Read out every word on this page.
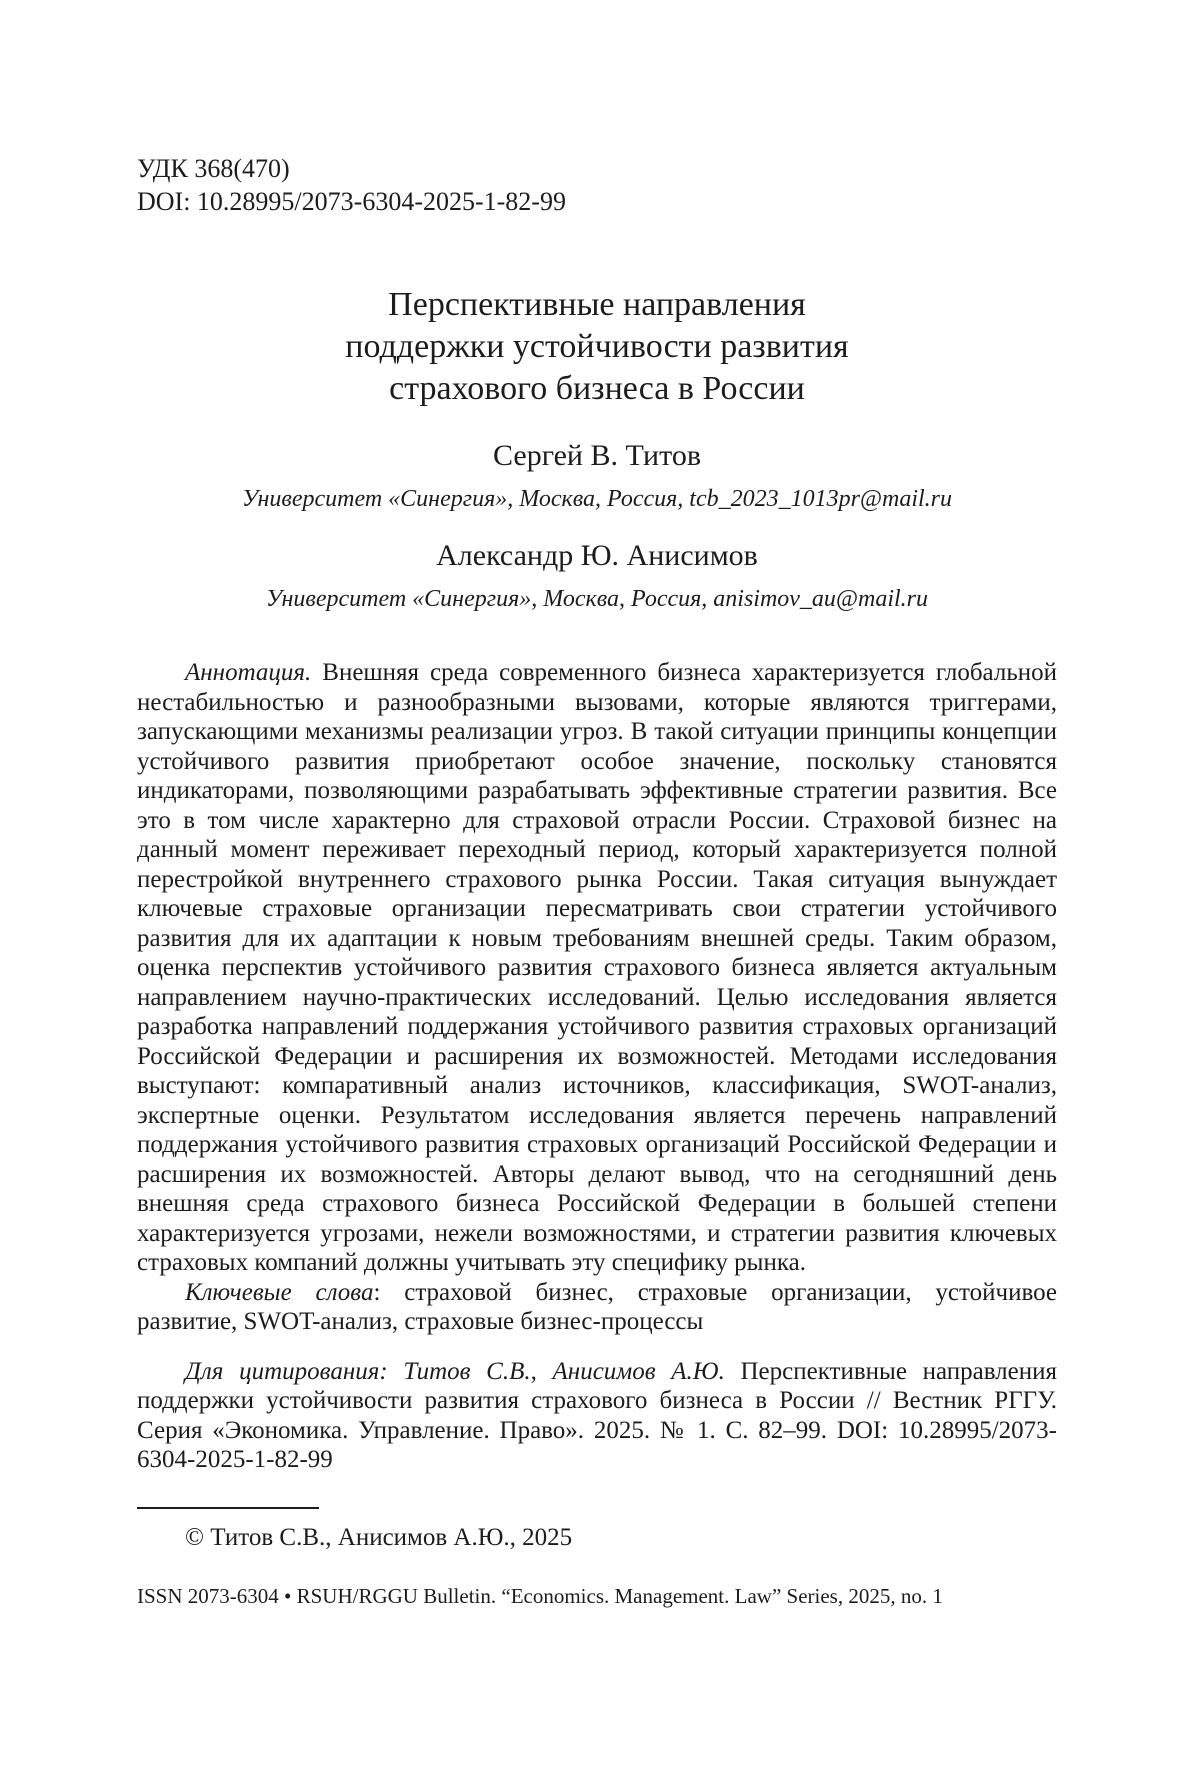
УДК 368(470)
DOI: 10.28995/2073-6304-2025-1-82-99
Перспективные направления
поддержки устойчивости развития
страхового бизнеса в России
Сергей В. Титов
Университет «Синергия», Москва, Россия, tcb_2023_1013pr@mail.ru
Александр Ю. Анисимов
Университет «Синергия», Москва, Россия, anisimov_au@mail.ru
Аннотация. Внешняя среда современного бизнеса характеризуется глобальной нестабильностью и разнообразными вызовами, которые являются триггерами, запускающими механизмы реализации угроз. В такой ситуации принципы концепции устойчивого развития приобретают особое значение, поскольку становятся индикаторами, позволяющими разрабатывать эффективные стратегии развития. Все это в том числе характерно для страховой отрасли России. Страховой бизнес на данный момент переживает переходный период, который характеризуется полной перестройкой внутреннего страхового рынка России. Такая ситуация вынуждает ключевые страховые организации пересматривать свои стратегии устойчивого развития для их адаптации к новым требованиям внешней среды. Таким образом, оценка перспектив устойчивого развития страхового бизнеса является актуальным направлением научно-практических исследований. Целью исследования является разработка направлений поддержания устойчивого развития страховых организаций Российской Федерации и расширения их возможностей. Методами исследования выступают: компаративный анализ источников, классификация, SWOT-анализ, экспертные оценки. Результатом исследования является перечень направлений поддержания устойчивого развития страховых организаций Российской Федерации и расширения их возможностей. Авторы делают вывод, что на сегодняшний день внешняя среда страхового бизнеса Российской Федерации в большей степени характеризуется угрозами, нежели возможностями, и стратегии развития ключевых страховых компаний должны учитывать эту специфику рынка.
Ключевые слова: страховой бизнес, страховые организации, устойчивое развитие, SWOT-анализ, страховые бизнес-процессы
Для цитирования: Титов С.В., Анисимов А.Ю. Перспективные направления поддержки устойчивости развития страхового бизнеса в России // Вестник РГГУ. Серия «Экономика. Управление. Право». 2025. № 1. С. 82–99. DOI: 10.28995/2073-6304-2025-1-82-99
© Титов С.В., Анисимов А.Ю., 2025
ISSN 2073-6304 • RSUH/RGGU Bulletin. “Economics. Management. Law” Series, 2025, no. 1
